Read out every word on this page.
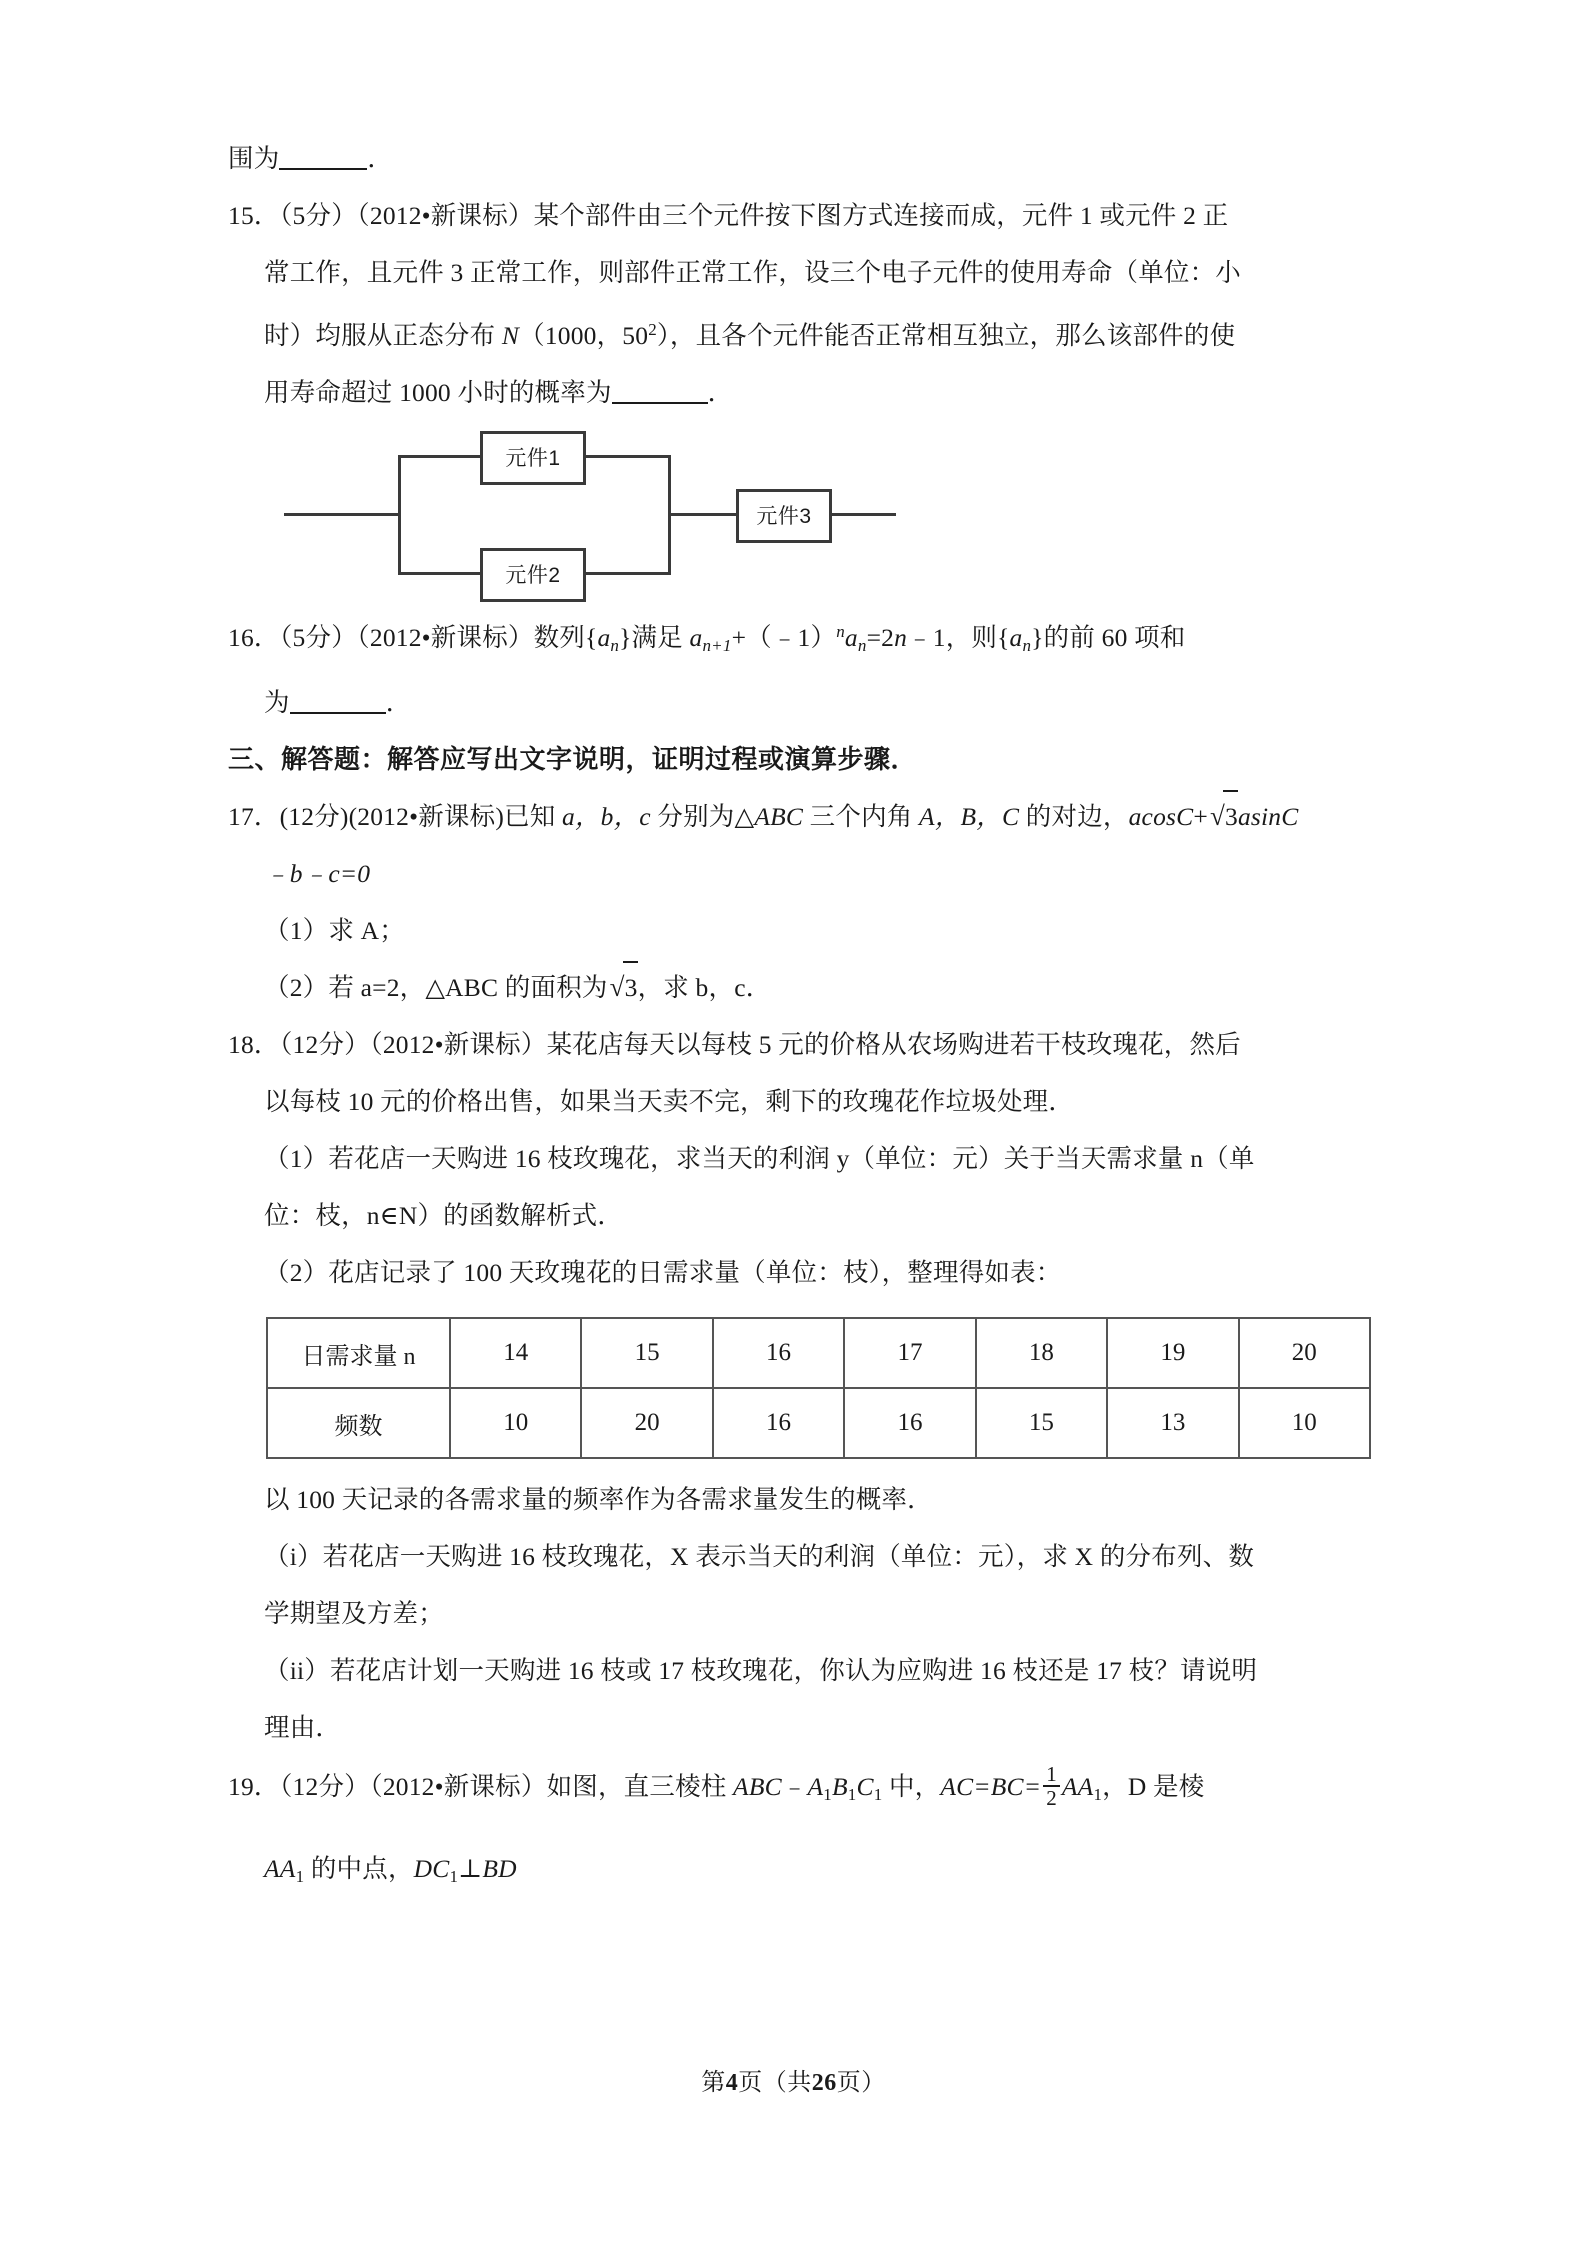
围为	．
15．（5分）（2012•新课标）某个部件由三个元件按下图方式连接而成，元件 1 或元件 2 正
常工作，且元件 3 正常工作，则部件正常工作，设三个电子元件的使用寿命（单位：小
时）均服从正态分布 N（1000，$50^2$），且各个元件能否正常相互独立，那么该部件的使
用寿命超过 1000 小时的概率为	．
元件1
元件2
元件3
16．（5分）（2012•新课标）数列$\{a_n\}$满足 $a_{n+1}+(﹣1)^na_n=2n﹣1$，则$\{a_n\}$的前 60 项和
为	．
三、解答题：解答应写出文字说明，证明过程或演算步骤．
17．(12分)(2012•新课标)已知 a，b，c 分别为△ABC 三个内角 A，B，C 的对边，acosC+√
3asinC
﹣b﹣c=0
（1）求 A；
（2）若 a=2，△ABC 的面积为√
3，求 b，c．
18．（12分）（2012•新课标）某花店每天以每枝 5 元的价格从农场购进若干枝玫瑰花，然后
以每枝 10 元的价格出售，如果当天卖不完，剩下的玫瑰花作垃圾处理．
（1）若花店一天购进 16 枝玫瑰花，求当天的利润 y（单位：元）关于当天需求量 n（单
位：枝，n∈N）的函数解析式．
（2）花店记录了 100 天玫瑰花的日需求量（单位：枝），整理得如表：
日需求量 n	14	15	16	17	18	19	20
频数	10	20	16	16	15	13	10
以 100 天记录的各需求量的频率作为各需求量发生的概率．
（i）若花店一天购进 16 枝玫瑰花，X 表示当天的利润（单位：元），求 X 的分布列、数
学期望及方差；
（ii）若花店计划一天购进 16 枝或 17 枝玫瑰花，你认为应购进 16 枝还是 17 枝？请说明
理由．
19．（12分）（2012•新课标）如图，直三棱柱 ABC﹣A1B1C1 中，$AC=BC= \frac{1}{2} AA1$，D 是棱
AA1 的中点，DC1⊥BD
第4页（共26页）
